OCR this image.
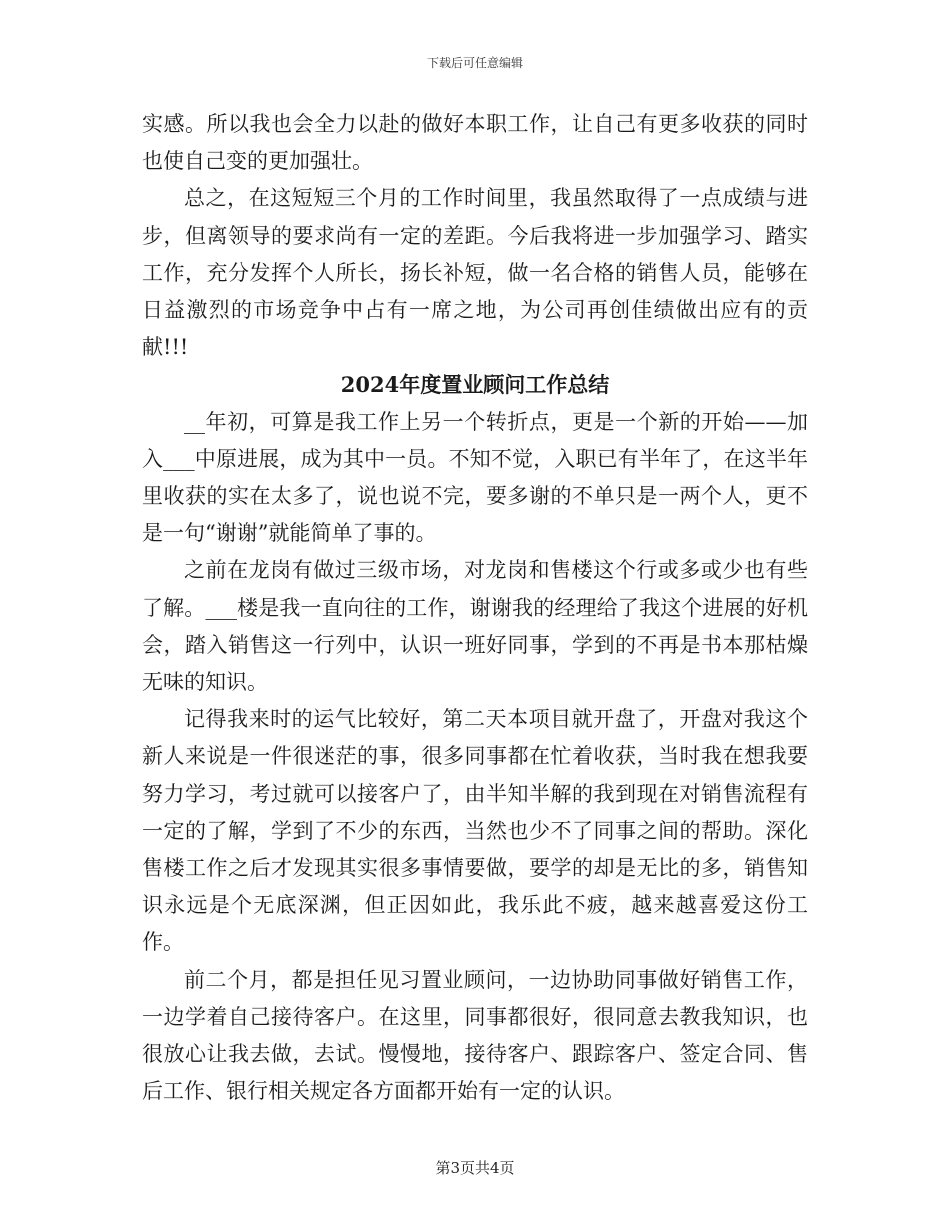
下载后可任意编辑

实感。所以我也会全力以赴的做好本职工作，让自己有更多收获的同时也使自己变的更加强壮。

总之，在这短短三个月的工作时间里，我虽然取得了一点成绩与进步，但离领导的要求尚有一定的差距。今后我将进一步加强学习、踏实工作，充分发挥个人所长，扬长补短，做一名合格的销售人员，能够在日益激烈的市场竞争中占有一席之地，为公司再创佳绩做出应有的贡献!!!

2024年度置业顾问工作总结

__年初，可算是我工作上另一个转折点，更是一个新的开始——加入___中原进展，成为其中一员。不知不觉，入职已有半年了，在这半年里收获的实在太多了，说也说不完，要多谢的不单只是一两个人，更不是一句“谢谢”就能简单了事的。

之前在龙岗有做过三级市场，对龙岗和售楼这个行或多或少也有些了解。___楼是我一直向往的工作，谢谢我的经理给了我这个进展的好机会，踏入销售这一行列中，认识一班好同事，学到的不再是书本那枯燥无味的知识。

记得我来时的运气比较好，第二天本项目就开盘了，开盘对我这个新人来说是一件很迷茫的事，很多同事都在忙着收获，当时我在想我要努力学习，考过就可以接客户了，由半知半解的我到现在对销售流程有一定的了解，学到了不少的东西，当然也少不了同事之间的帮助。深化售楼工作之后才发现其实很多事情要做，要学的却是无比的多，销售知识永远是个无底深渊，但正因如此，我乐此不疲，越来越喜爱这份工作。

前二个月，都是担任见习置业顾问，一边协助同事做好销售工作，一边学着自己接待客户。在这里，同事都很好，很同意去教我知识，也很放心让我去做，去试。慢慢地，接待客户、跟踪客户、签定合同、售后工作、银行相关规定各方面都开始有一定的认识。

第3页共4页
